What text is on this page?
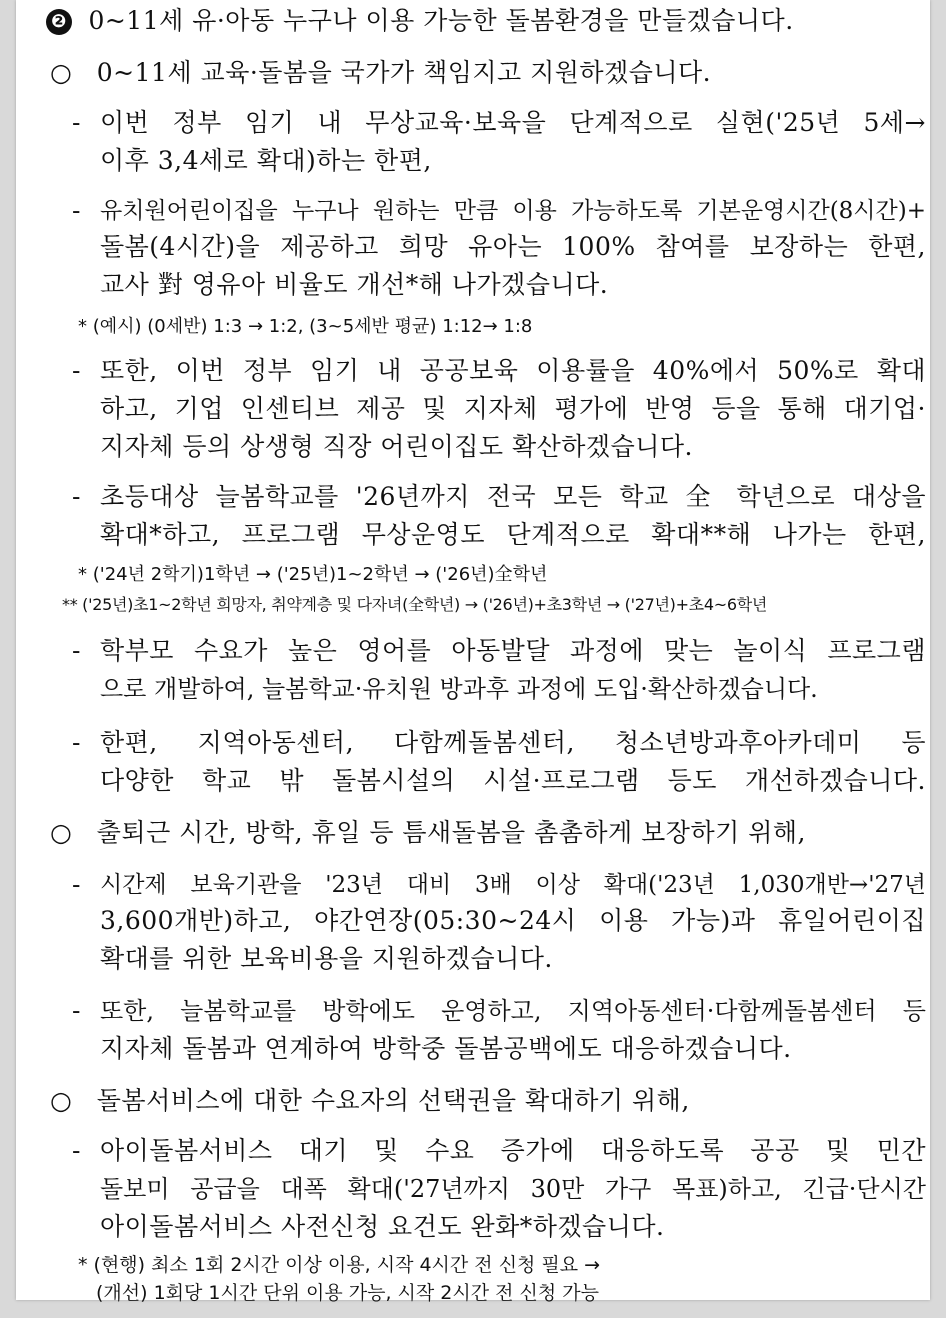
❷ 0~11세 유·아동 누구나 이용 가능한 돌봄환경을 만들겠습니다.
○ 0~11세 교육·돌봄을 국가가 책임지고 지원하겠습니다.
- 이번 정부 임기 내 무상교육·보육을 단계적으로 실현('25년 5세→
이후 3,4세로 확대)하는 한편,
- 유치원어린이집을 누구나 원하는 만큼 이용 가능하도록 기본운영시간(8시간)+
돌봄(4시간)을 제공하고 희망 유아는 100% 참여를 보장하는 한편,
교사 對 영유아 비율도 개선*해 나가겠습니다.
* (예시) (0세반) 1:3 → 1:2, (3~5세반 평균) 1:12→ 1:8
- 또한, 이번 정부 임기 내 공공보육 이용률을 40%에서 50%로 확대
하고, 기업 인센티브 제공 및 지자체 평가에 반영 등을 통해 대기업·
지자체 등의 상생형 직장 어린이집도 확산하겠습니다.
- 초등대상 늘봄학교를 '26년까지 전국 모든 학교 全 학년으로 대상을
확대*하고, 프로그램 무상운영도 단계적으로 확대**해 나가는 한편,
* ('24년 2학기)1학년 → ('25년)1~2학년 → ('26년)全학년
** ('25년)초1~2학년 희망자, 취약계층 및 다자녀(全학년) → ('26년)+초3학년 → ('27년)+초4~6학년
- 학부모 수요가 높은 영어를 아동발달 과정에 맞는 놀이식 프로그램
으로 개발하여, 늘봄학교·유치원 방과후 과정에 도입·확산하겠습니다.
- 한편, 지역아동센터, 다함께돌봄센터, 청소년방과후아카데미 등
다양한 학교 밖 돌봄시설의 시설·프로그램 등도 개선하겠습니다.
○ 출퇴근 시간, 방학, 휴일 등 틈새돌봄을 촘촘하게 보장하기 위해,
- 시간제 보육기관을 '23년 대비 3배 이상 확대('23년 1,030개반→'27년
3,600개반)하고, 야간연장(05:30~24시 이용 가능)과 휴일어린이집
확대를 위한 보육비용을 지원하겠습니다.
- 또한, 늘봄학교를 방학에도 운영하고, 지역아동센터·다함께돌봄센터 등
지자체 돌봄과 연계하여 방학중 돌봄공백에도 대응하겠습니다.
○ 돌봄서비스에 대한 수요자의 선택권을 확대하기 위해,
- 아이돌봄서비스 대기 및 수요 증가에 대응하도록 공공 및 민간
돌보미 공급을 대폭 확대('27년까지 30만 가구 목표)하고, 긴급·단시간
아이돌봄서비스 사전신청 요건도 완화*하겠습니다.
* (현행) 최소 1회 2시간 이상 이용, 시작 4시간 전 신청 필요 →
(개선) 1회당 1시간 단위 이용 가능, 시작 2시간 전 신청 가능
